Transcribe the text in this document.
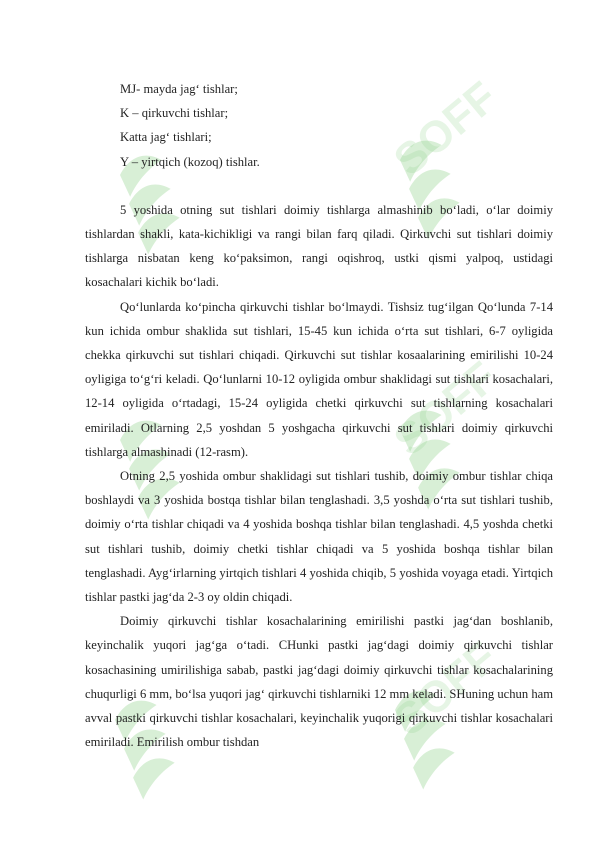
SOFF
SOFF
SOFF

MJ- mayda jag‘ tishlar;

K – qirkuvchi tishlar;

Katta jag‘ tishlari;

Y – yirtqich (kozoq) tishlar.

5 yoshida otning sut tishlari doimiy tishlarga almashinib bo‘ladi, o‘lar doimiy tishlardan shakli, kata-kichikligi va rangi bilan farq qiladi. Qirkuvchi sut tishlari doimiy tishlarga nisbatan keng ko‘paksimon, rangi oqishroq, ustki qismi yalpoq, ustidagi kosachalari kichik bo‘ladi.

Qo‘lunlarda ko‘pincha qirkuvchi tishlar bo‘lmaydi. Tishsiz tug‘ilgan Qo‘lunda 7-14 kun ichida ombur shaklida sut tishlari, 15-45 kun ichida o‘rta sut tishlari, 6-7 oyligida chekka qirkuvchi sut tishlari chiqadi. Qirkuvchi sut tishlar kosaalarining emirilishi 10-24 oyligiga to‘g‘ri keladi. Qo‘lunlarni 10-12 oyligida ombur shaklidagi sut tishlari kosachalari, 12-14 oyligida o‘rtadagi, 15-24 oyligida chetki qirkuvchi sut tishlarning kosachalari emiriladi. Otlarning 2,5 yoshdan 5 yoshgacha qirkuvchi sut tishlari doimiy qirkuvchi tishlarga almashinadi (12-rasm).

Otning 2,5 yoshida ombur shaklidagi sut tishlari tushib, doimiy ombur tishlar chiqa boshlaydi va 3 yoshida bostqa tishlar bilan tenglashadi. 3,5 yoshda o‘rta sut tishlari tushib, doimiy o‘rta tishlar chiqadi va 4 yoshida boshqa tishlar bilan tenglashadi. 4,5 yoshda chetki sut tishlari tushib, doimiy chetki tishlar chiqadi va 5 yoshida boshqa tishlar bilan tenglashadi. Ayg‘irlarning yirtqich tishlari 4 yoshida chiqib, 5 yoshida voyaga etadi. Yirtqich tishlar pastki jag‘da 2-3 oy oldin chiqadi.

Doimiy qirkuvchi tishlar kosachalarining emirilishi pastki jag‘dan boshlanib, keyinchalik yuqori jag‘ga o‘tadi. CHunki pastki jag‘dagi doimiy qirkuvchi tishlar kosachasining umirilishiga sabab, pastki jag‘dagi doimiy qirkuvchi tishlar kosachalarining chuqurligi 6 mm, bo‘lsa yuqori jag‘ qirkuvchi tishlarniki 12 mm keladi. SHuning uchun ham avval pastki qirkuvchi tishlar kosachalari, keyinchalik yuqorigi qirkuvchi tishlar kosachalari emiriladi. Emirilish ombur tishdan
